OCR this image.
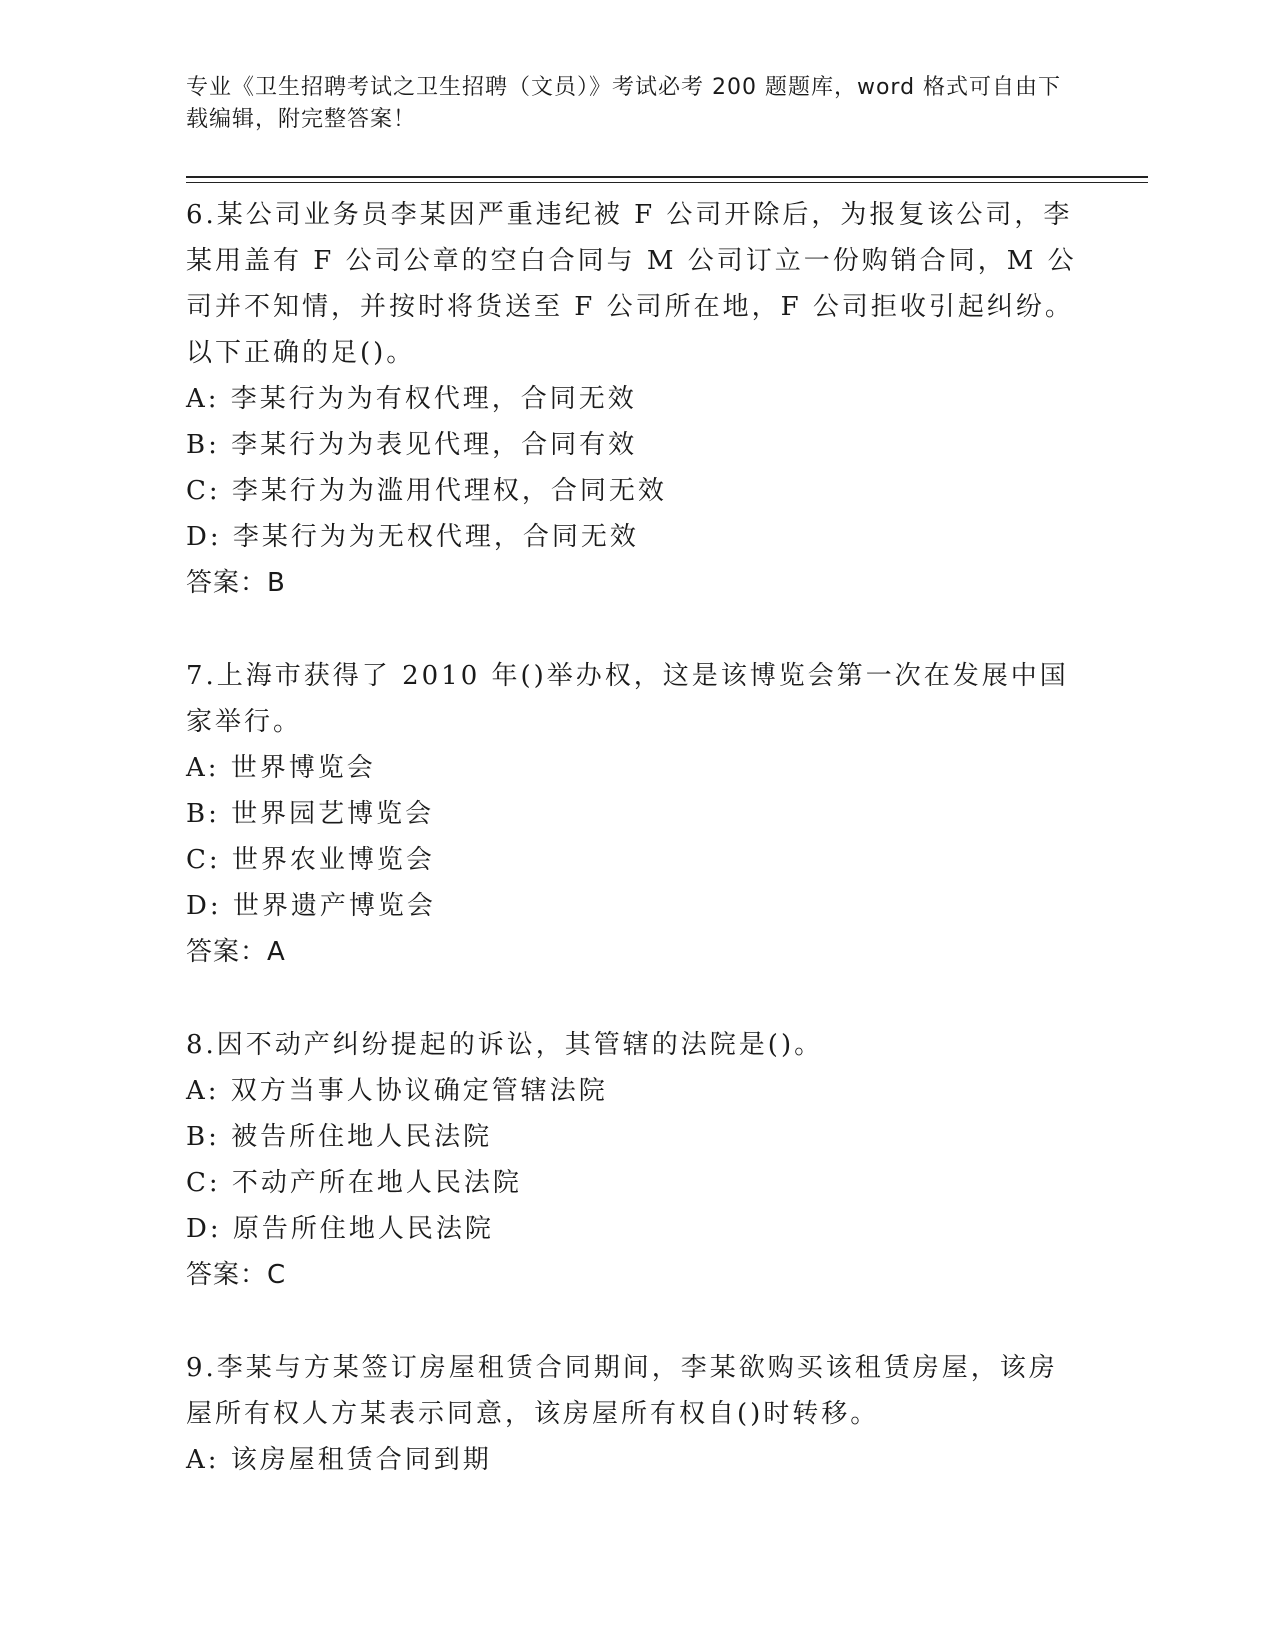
专业《卫生招聘考试之卫生招聘（文员）》考试必考 200 题题库，word 格式可自由下载编辑，附完整答案！

6.某公司业务员李某因严重违纪被 F 公司开除后，为报复该公司，李某用盖有 F 公司公章的空白合同与 M 公司订立一份购销合同，M 公司并不知情，并按时将货送至 F 公司所在地，F 公司拒收引起纠纷。以下正确的足()。

A: 李某行为为有权代理，合同无效

B: 李某行为为表见代理，合同有效

C: 李某行为为滥用代理权，合同无效

D: 李某行为为无权代理，合同无效

答案：B

7.上海市获得了 2010 年()举办权，这是该博览会第一次在发展中国家举行。

A: 世界博览会

B: 世界园艺博览会

C: 世界农业博览会

D: 世界遗产博览会

答案：A

8.因不动产纠纷提起的诉讼，其管辖的法院是()。

A: 双方当事人协议确定管辖法院

B: 被告所住地人民法院

C: 不动产所在地人民法院

D: 原告所住地人民法院

答案：C

9.李某与方某签订房屋租赁合同期间，李某欲购买该租赁房屋，该房屋所有权人方某表示同意，该房屋所有权自()时转移。

A: 该房屋租赁合同到期
